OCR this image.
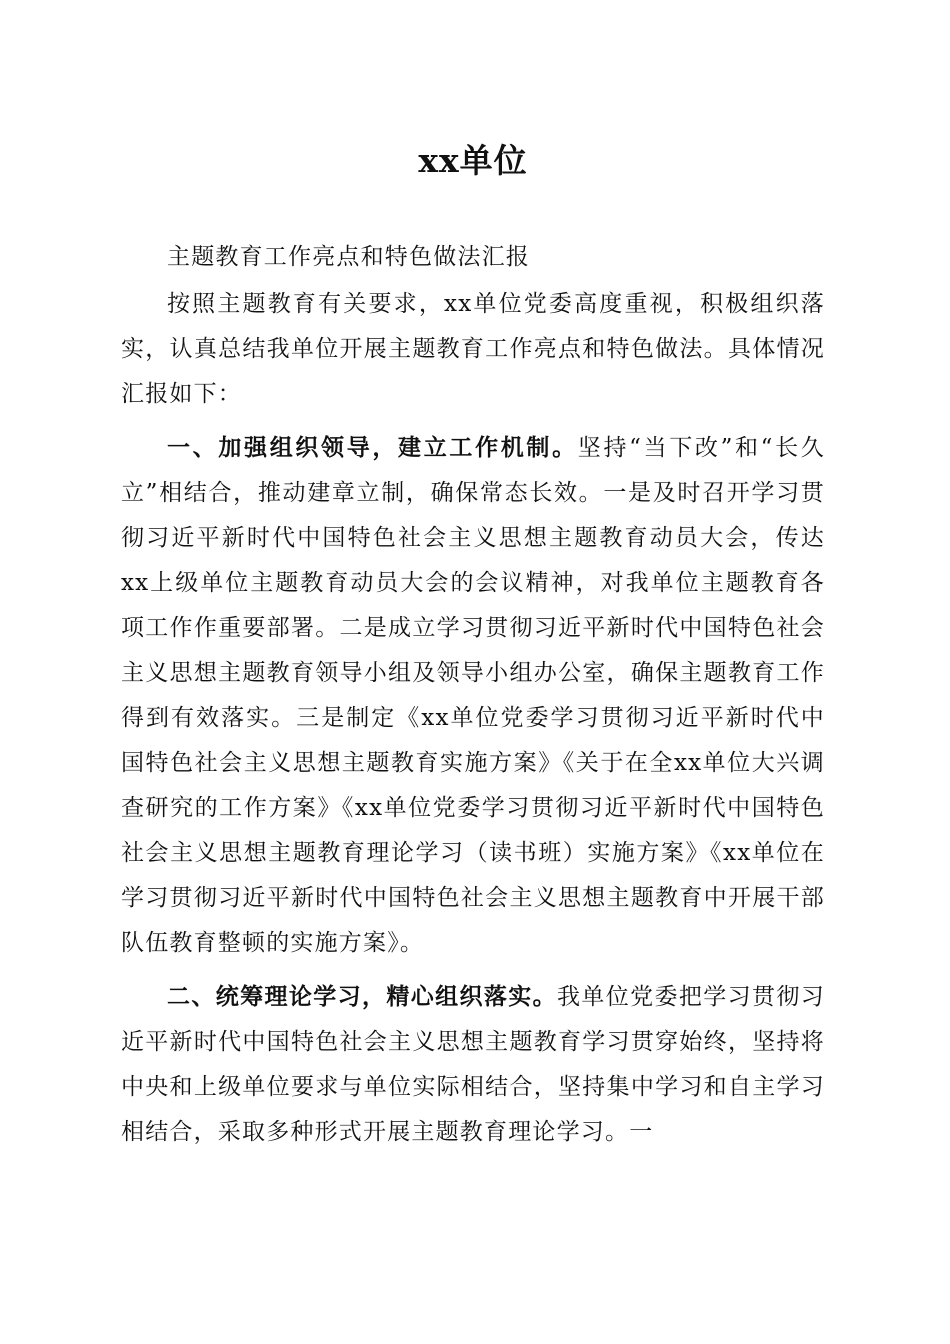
xx单位

主题教育工作亮点和特色做法汇报

按照主题教育有关要求，xx单位党委高度重视，积极组织落实，认真总结我单位开展主题教育工作亮点和特色做法。具体情况汇报如下：

一、加强组织领导，建立工作机制。坚持“当下改”和“长久立”相结合，推动建章立制，确保常态长效。一是及时召开学习贯彻习近平新时代中国特色社会主义思想主题教育动员大会，传达xx上级单位主题教育动员大会的会议精神，对我单位主题教育各项工作作重要部署。二是成立学习贯彻习近平新时代中国特色社会主义思想主题教育领导小组及领导小组办公室，确保主题教育工作得到有效落实。三是制定《xx单位党委学习贯彻习近平新时代中国特色社会主义思想主题教育实施方案》《关于在全xx单位大兴调查研究的工作方案》《xx单位党委学习贯彻习近平新时代中国特色社会主义思想主题教育理论学习（读书班）实施方案》《xx单位在学习贯彻习近平新时代中国特色社会主义思想主题教育中开展干部队伍教育整顿的实施方案》。

二、统筹理论学习，精心组织落实。我单位党委把学习贯彻习近平新时代中国特色社会主义思想主题教育学习贯穿始终，坚持将中央和上级单位要求与单位实际相结合，坚持集中学习和自主学习相结合，采取多种形式开展主题教育理论学习。一
